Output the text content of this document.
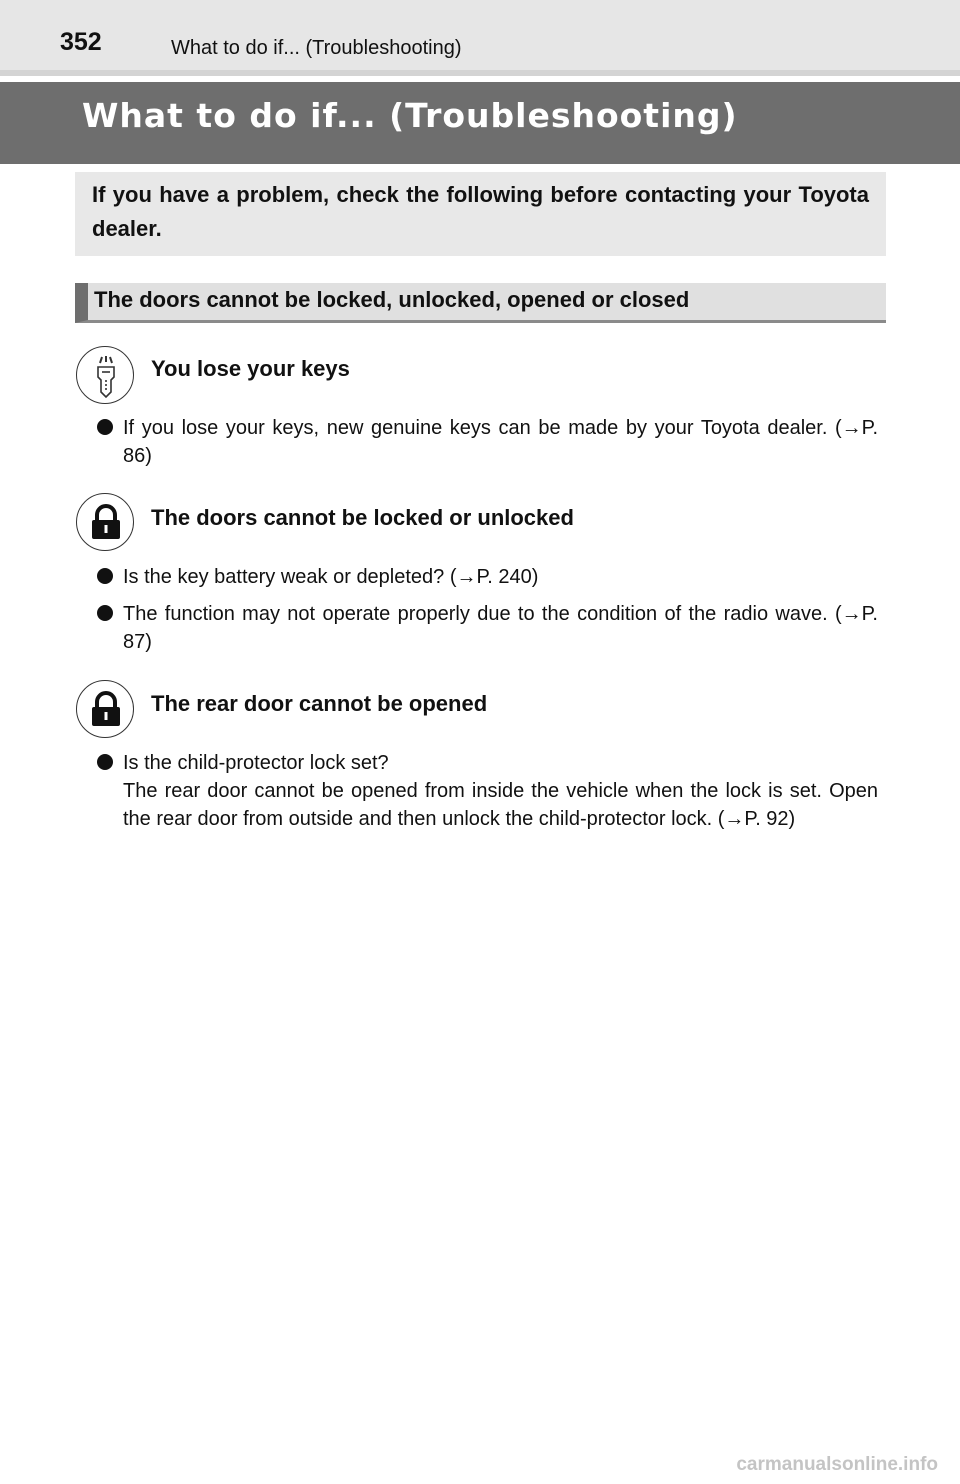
352	What to do if... (Troubleshooting)
What to do if... (Troubleshooting)
If you have a problem, check the following before contacting your Toyota dealer.
The doors cannot be locked, unlocked, opened or closed
You lose your keys
If you lose your keys, new genuine keys can be made by your Toyota dealer. (→P. 86)
The doors cannot be locked or unlocked
Is the key battery weak or depleted? (→P. 240)
The function may not operate properly due to the condition of the radio wave. (→P. 87)
The rear door cannot be opened
Is the child-protector lock set?
The rear door cannot be opened from inside the vehicle when the lock is set. Open the rear door from outside and then unlock the child-protector lock. (→P. 92)
carmanualsonline.info
